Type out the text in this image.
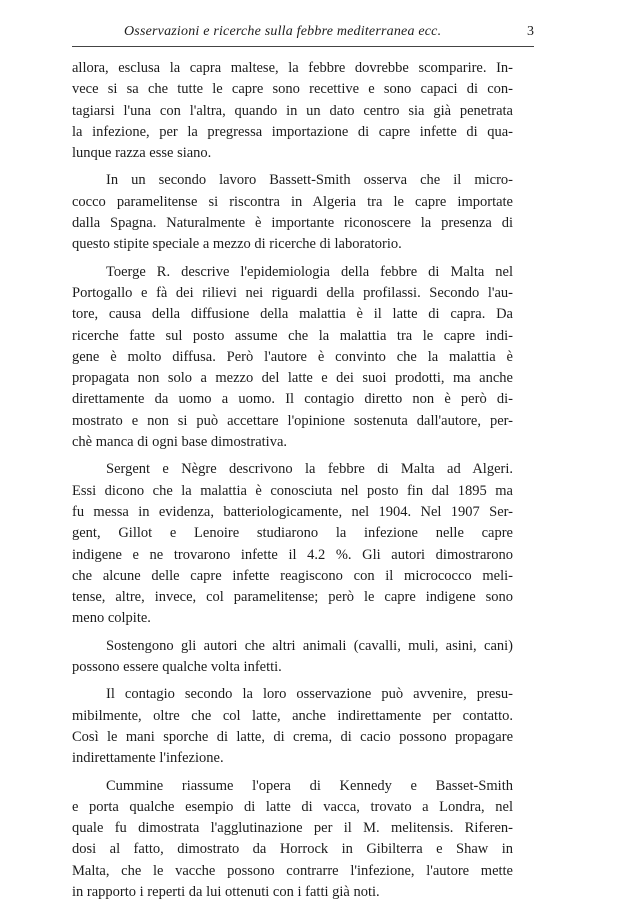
Osservazioni e ricerche sulla febbre mediterranea ecc.	3

allora, esclusa la capra maltese, la febbre dovrebbe scomparire. In-
vece si sa che tutte le capre sono recettive e sono capaci di con-
tagiarsi l'una con l'altra, quando in un dato centro sia già penetrata
la infezione, per la pregressa importazione di capre infette di qua-
lunque razza esse siano.

In un secondo lavoro Bassett-Smith osserva che il micro-
cocco paramelitense si riscontra in Algeria tra le capre importate
dalla Spagna. Naturalmente è importante riconoscere la presenza di
questo stipite speciale a mezzo di ricerche di laboratorio.

Toerge R. descrive l'epidemiologia della febbre di Malta nel
Portogallo e fà dei rilievi nei riguardi della profilassi. Secondo l'au-
tore, causa della diffusione della malattia è il latte di capra. Da
ricerche fatte sul posto assume che la malattia tra le capre indi-
gene è molto diffusa. Però l'autore è convinto che la malattia è
propagata non solo a mezzo del latte e dei suoi prodotti, ma anche
direttamente da uomo a uomo. Il contagio diretto non è però di-
mostrato e non si può accettare l'opinione sostenuta dall'autore, per-
chè manca di ogni base dimostrativa.

Sergent e Nègre descrivono la febbre di Malta ad Algeri.
Essi dicono che la malattia è conosciuta nel posto fin dal 1895 ma
fu messa in evidenza, batteriologicamente, nel 1904. Nel 1907 Ser-
gent, Gillot e Lenoire studiarono la infezione nelle capre
indigene e ne trovarono infette il 4.2 %. Gli autori dimostrarono
che alcune delle capre infette reagiscono con il micrococco meli-
tense, altre, invece, col paramelitense; però le capre indigene sono
meno colpite.

Sostengono gli autori che altri animali (cavalli, muli, asini, cani)
possono essere qualche volta infetti.

Il contagio secondo la loro osservazione può avvenire, presu-
mibilmente, oltre che col latte, anche indirettamente per contatto.
Così le mani sporche di latte, di crema, di cacio possono propagare
indirettamente l'infezione.

Cummine riassume l'opera di Kennedy e Basset-Smith
e porta qualche esempio di latte di vacca, trovato a Londra, nel
quale fu dimostrata l'agglutinazione per il M. melitensis. Riferen-
dosi al fatto, dimostrato da Horrock in Gibilterra e Shaw in
Malta, che le vacche possono contrarre l'infezione, l'autore mette
in rapporto i reperti da lui ottenuti con i fatti già noti.
